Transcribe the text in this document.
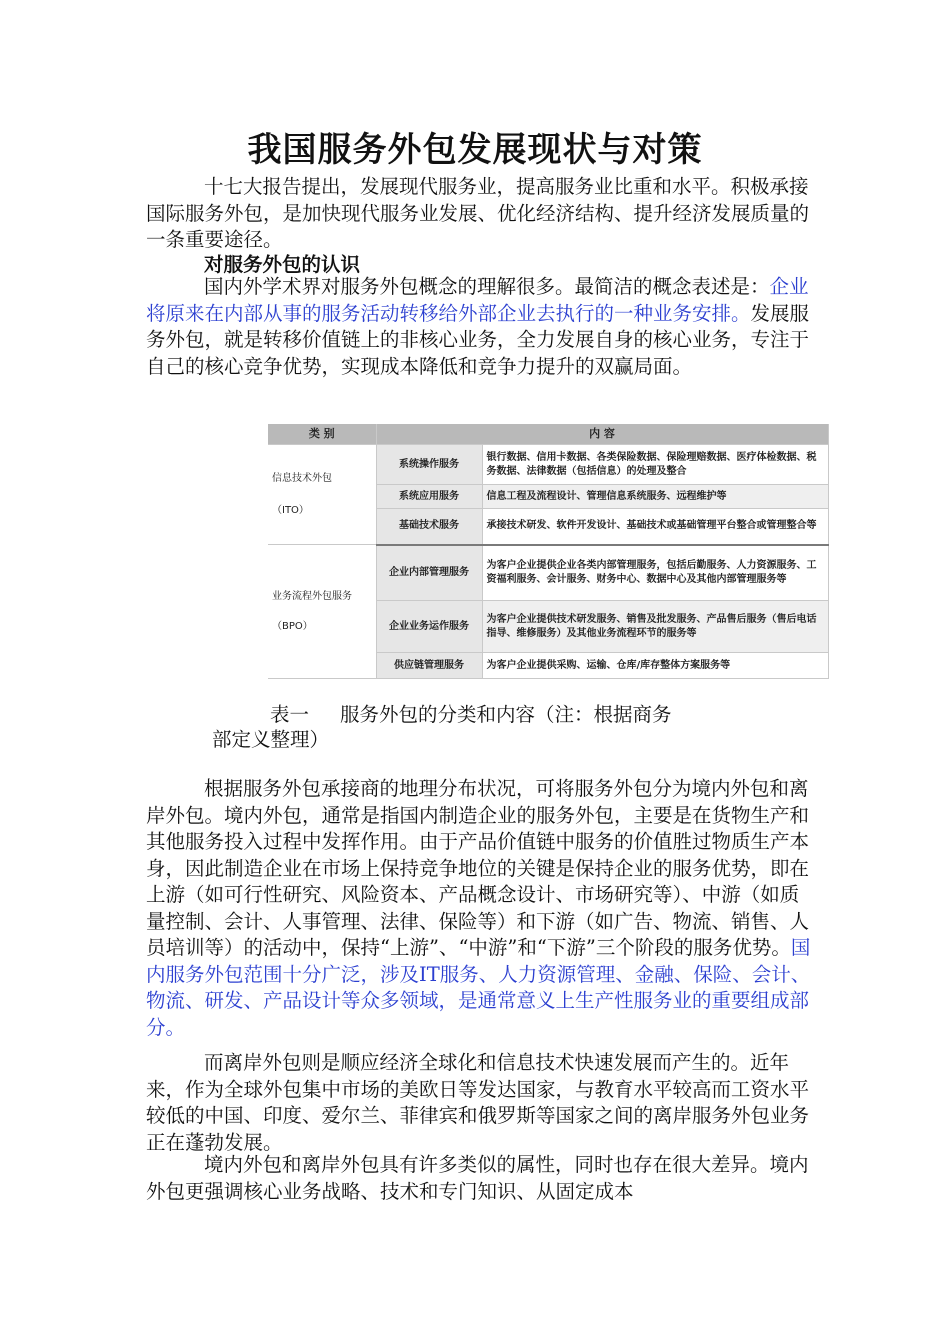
我国服务外包发展现状与对策

十七大报告提出，发展现代服务业，提高服务业比重和水平。积极承接国际服务外包，是加快现代服务业发展、优化经济结构、提升经济发展质量的一条重要途径。

对服务外包的认识

国内外学术界对服务外包概念的理解很多。最简洁的概念表述是：企业将原来在内部从事的服务活动转移给外部企业去执行的一种业务安排。发展服务外包，就是转移价值链上的非核心业务，全力发展自身的核心业务，专注于自己的核心竞争优势，实现成本降低和竞争力提升的双赢局面。

类 别	内 容	

信息技术外包
（ITO）	系统操作服务	银行数据、信用卡数据、各类保险数据、保险理赔数据、医疗体检数据、税务数据、法律数据（包括信息）的处理及整合
	系统应用服务	信息工程及流程设计、管理信息系统服务、远程维护等
	基础技术服务	承接技术研发、软件开发设计、基础技术或基础管理平台整合或管理整合等

业务流程外包服务
（BPO）	企业内部管理服务	为客户企业提供企业各类内部管理服务，包括后勤服务、人力资源服务、工资福利服务、会计服务、财务中心、数据中心及其他内部管理服务等
	企业业务运作服务	为客户企业提供技术研发服务、销售及批发服务、产品售后服务（售后电话指导、维修服务）及其他业务流程环节的服务等
	供应链管理服务	为客户企业提供采购、运输、仓库/库存整体方案服务等
表一     服务外包的分类和内容（注：根据商务
部定义整理）

根据服务外包承接商的地理分布状况，可将服务外包分为境内外包和离岸外包。境内外包，通常是指国内制造企业的服务外包，主要是在货物生产和其他服务投入过程中发挥作用。由于产品价值链中服务的价值胜过物质生产本身，因此制造企业在市场上保持竞争地位的关键是保持企业的服务优势，即在上游（如可行性研究、风险资本、产品概念设计、市场研究等）、中游（如质量控制、会计、人事管理、法律、保险等）和下游（如广告、物流、销售、人员培训等）的活动中，保持“上游”、“中游”和“下游”三个阶段的服务优势。国内服务外包范围十分广泛，涉及IT服务、人力资源管理、金融、保险、会计、物流、研发、产品设计等众多领域，是通常意义上生产性服务业的重要组成部分。

而离岸外包则是顺应经济全球化和信息技术快速发展而产生的。近年来，作为全球外包集中市场的美欧日等发达国家，与教育水平较高而工资水平较低的中国、印度、爱尔兰、菲律宾和俄罗斯等国家之间的离岸服务外包业务正在蓬勃发展。

境内外包和离岸外包具有许多类似的属性，同时也存在很大差异。境内外包更强调核心业务战略、技术和专门知识、从固定成本
